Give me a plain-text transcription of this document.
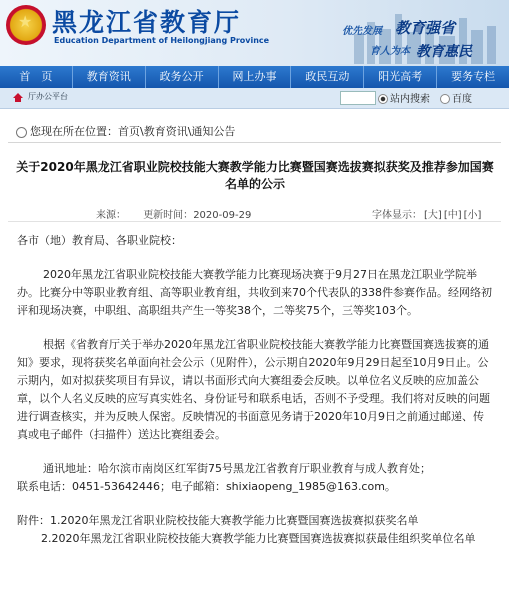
★ 黑龙江省教育厅
Education Department of Heilongjiang Province
优先发展 教育强省
育人为本 教育惠民
首　页	教育资讯	政务公开	网上办事	政民互动	阳光高考	要务专栏
厅办公平台	站内搜索	百度
您现在所在位置：首页\教育资讯\通知公告
关于2020年黑龙江省职业院校技能大赛教学能力比赛暨国赛选拔赛拟获奖及推荐参加国赛名单的公示
来源： 更新时间：2020-09-29	字体显示： [大] [中] [小]

各市（地）教育局、各职业院校：

2020年黑龙江省职业院校技能大赛教学能力比赛现场决赛于9月27日在黑龙江职业学院举办。比赛分中等职业教育组、高等职业教育组，共收到来70个代表队的338件参赛作品。经网络初评和现场决赛，中职组、高职组共产生一等奖38个，二等奖75个，三等奖103个。

根据《省教育厅关于举办2020年黑龙江省职业院校技能大赛教学能力比赛暨国赛选拔赛的通知》要求，现将获奖名单面向社会公示（见附件），公示期自2020年9月29日起至10月9日止。公示期内，如对拟获奖项目有异议，请以书面形式向大赛组委会反映。以单位名义反映的应加盖公章，以个人名义反映的应写真实姓名、身份证号和联系电话，否则不予受理。我们将对反映的问题进行调查核实，并为反映人保密。反映情况的书面意见务请于2020年10月9日之前通过邮递、传真或电子邮件（扫描件）送达比赛组委会。

通讯地址：哈尔滨市南岗区红军街75号黑龙江省教育厅职业教育与成人教育处；

联系电话：0451-53642446；电子邮箱：shixiaopeng_1985@163.com。

附件：1.2020年黑龙江省职业院校技能大赛教学能力比赛暨国赛选拔赛拟获奖名单

2.2020年黑龙江省职业院校技能大赛教学能力比赛暨国赛选拔赛拟获最佳组织奖单位名单
